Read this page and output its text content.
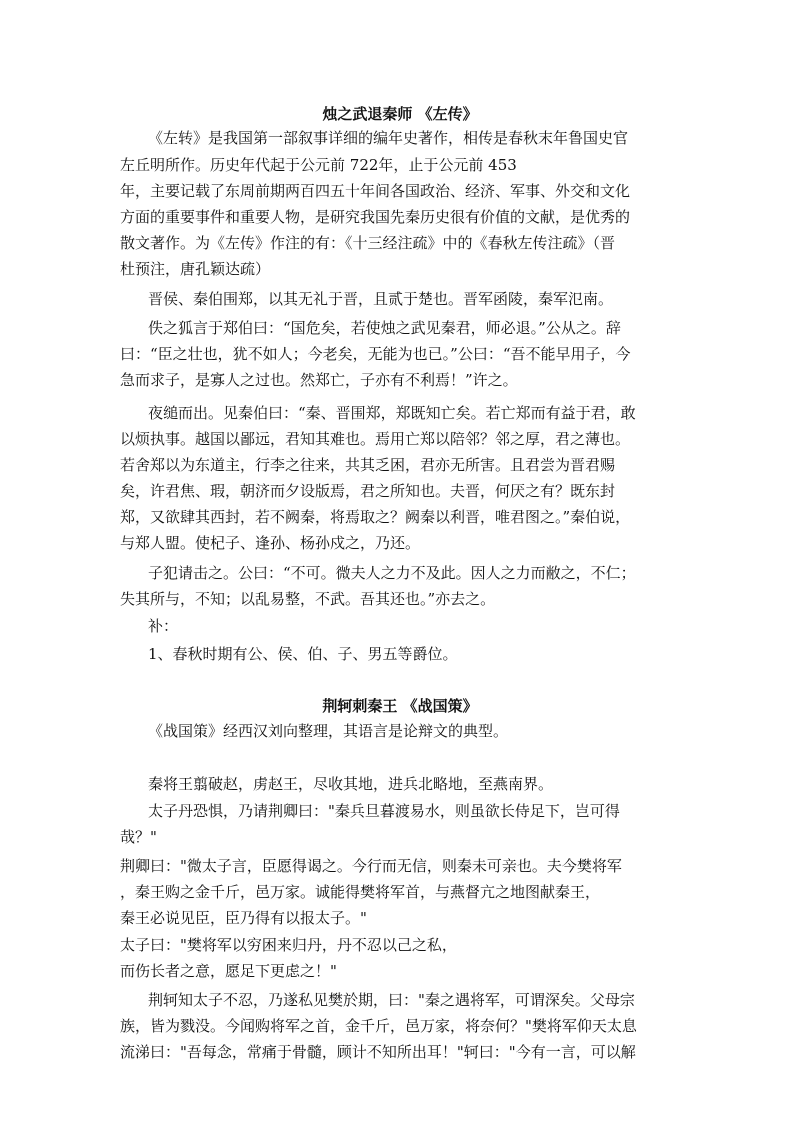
烛之武退秦师 《左传》
《左转》是我国第一部叙事详细的编年史著作，相传是春秋末年鲁国史官
左丘明所作。历史年代起于公元前 722年，止于公元前 453
年，主要记载了东周前期两百四五十年间各国政治、经济、军事、外交和文化
方面的重要事件和重要人物，是研究我国先秦历史很有价值的文献，是优秀的
散文著作。为《左传》作注的有：《十三经注疏》中的《春秋左传注疏》（晋
杜预注，唐孔颖达疏）
晋侯、秦伯围郑，以其无礼于晋，且贰于楚也。晋军函陵，秦军氾南。
佚之狐言于郑伯曰：“国危矣，若使烛之武见秦君，师必退。”公从之。辞
曰：“臣之壮也，犹不如人；今老矣，无能为也已。”公曰：“吾不能早用子，今
急而求子，是寡人之过也。然郑亡，子亦有不利焉！”许之。
夜缒而出。见秦伯曰：“秦、晋围郑，郑既知亡矣。若亡郑而有益于君，敢
以烦执事。越国以鄙远，君知其难也。焉用亡郑以陪邻？邻之厚，君之薄也。
若舍郑以为东道主，行李之往来，共其乏困，君亦无所害。且君尝为晋君赐
矣，许君焦、瑕，朝济而夕设版焉，君之所知也。夫晋，何厌之有？既东封
郑，又欲肆其西封，若不阙秦，将焉取之？阙秦以利晋，唯君图之。”秦伯说，
与郑人盟。使杞子、逢孙、杨孙戍之，乃还。
子犯请击之。公曰：“不可。微夫人之力不及此。因人之力而敝之，不仁；
失其所与，不知；以乱易整，不武。吾其还也。”亦去之。
补：
1、春秋时期有公、侯、伯、子、男五等爵位。
荆轲刺秦王 《战国策》
《战国策》经西汉刘向整理，其语言是论辩文的典型。
秦将王翦破赵，虏赵王，尽收其地，进兵北略地，至燕南界。
太子丹恐惧，乃请荆卿曰："秦兵旦暮渡易水，则虽欲长侍足下，岂可得
哉？"
荆卿曰："微太子言，臣愿得谒之。今行而无信，则秦未可亲也。夫今樊将军
，秦王购之金千斤，邑万家。诚能得樊将军首，与燕督亢之地图献秦王，
秦王必说见臣，臣乃得有以报太子。"
太子曰："樊将军以穷困来归丹，丹不忍以己之私，
而伤长者之意，愿足下更虑之！"
荆轲知太子不忍，乃遂私见樊於期，曰："秦之遇将军，可谓深矣。父母宗
族，皆为戮没。今闻购将军之首，金千斤，邑万家，将奈何？"樊将军仰天太息
流涕曰："吾每念，常痛于骨髓，顾计不知所出耳！"轲曰："今有一言，可以解
